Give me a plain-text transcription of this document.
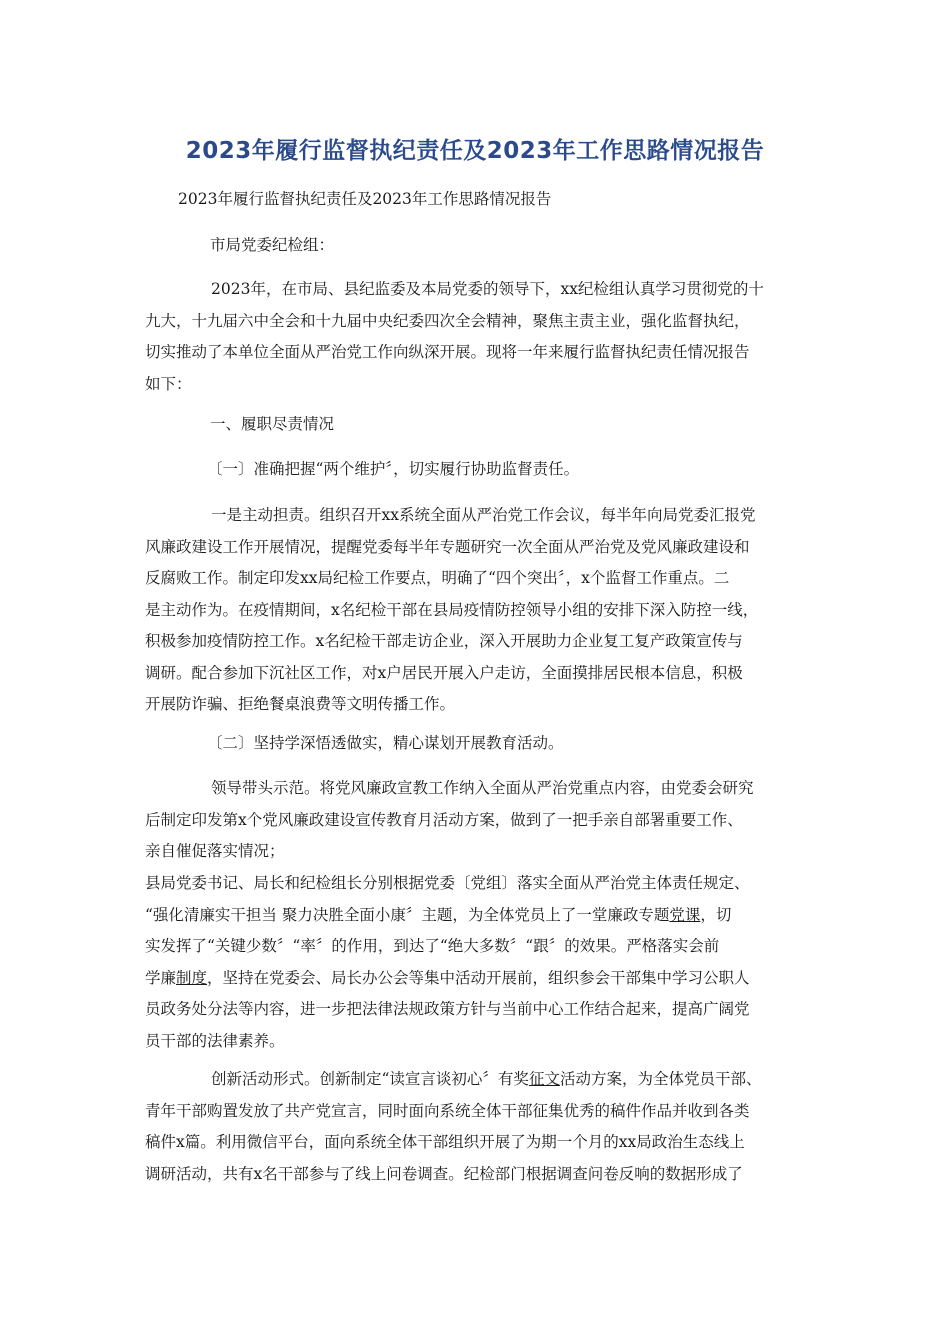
2023年履行监督执纪责任及2023年工作思路情况报告

2023年履行监督执纪责任及2023年工作思路情况报告

市局党委纪检组：

2023年，在市局、县纪监委及本局党委的领导下，xx纪检组认真学习贯彻党的十
九大，十九届六中全会和十九届中央纪委四次全会精神，聚焦主责主业，强化监督执纪，
切实推动了本单位全面从严治党工作向纵深开展。现将一年来履行监督执纪责任情况报告
如下：

一、履职尽责情况

〔一〕准确把握“两个维护〞，切实履行协助监督责任。

一是主动担责。组织召开xx系统全面从严治党工作会议，每半年向局党委汇报党
风廉政建设工作开展情况，提醒党委每半年专题研究一次全面从严治党及党风廉政建设和
反腐败工作。制定印发xx局纪检工作要点，明确了“四个突出〞，x个监督工作重点。二
是主动作为。在疫情期间，x名纪检干部在县局疫情防控领导小组的安排下深入防控一线，
积极参加疫情防控工作。x名纪检干部走访企业，深入开展助力企业复工复产政策宣传与
调研。配合参加下沉社区工作，对x户居民开展入户走访，全面摸排居民根本信息，积极
开展防诈骗、拒绝餐桌浪费等文明传播工作。

〔二〕坚持学深悟透做实，精心谋划开展教育活动。

领导带头示范。将党风廉政宣教工作纳入全面从严治党重点内容，由党委会研究
后制定印发第x个党风廉政建设宣传教育月活动方案，做到了一把手亲自部署重要工作、
亲自催促落实情况；

县局党委书记、局长和纪检组长分别根据党委〔党组〕落实全面从严治党主体责任规定、
“强化清廉实干担当 聚力决胜全面小康〞主题，为全体党员上了一堂廉政专题党课，切
实发挥了“关键少数〞“率〞的作用，到达了“绝大多数〞“跟〞的效果。严格落实会前
学廉制度，坚持在党委会、局长办公会等集中活动开展前，组织参会干部集中学习公职人
员政务处分法等内容，进一步把法律法规政策方针与当前中心工作结合起来，提高广阔党
员干部的法律素养。

创新活动形式。创新制定“读宣言谈初心〞有奖征文活动方案，为全体党员干部、
青年干部购置发放了共产党宣言，同时面向系统全体干部征集优秀的稿件作品并收到各类
稿件x篇。利用微信平台，面向系统全体干部组织开展了为期一个月的xx局政治生态线上
调研活动，共有x名干部参与了线上问卷调查。纪检部门根据调查问卷反响的数据形成了
